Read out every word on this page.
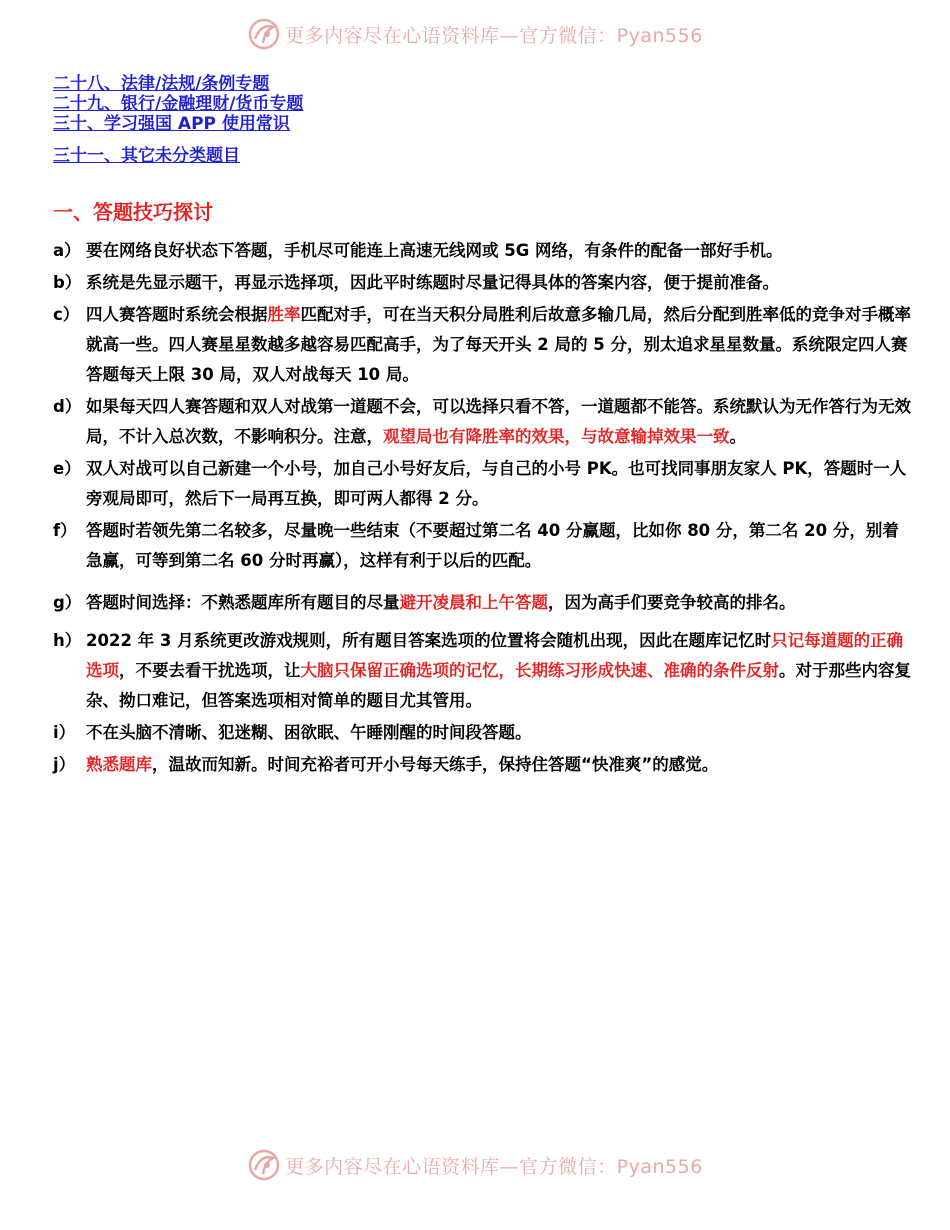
更多内容尽在心语资料库—官方微信：Pyan556
二十八、法律/法规/条例专题
二十九、银行/金融理财/货币专题
三十、学习强国 APP 使用常识
三十一、其它未分类题目
一、答题技巧探讨
a） 要在网络良好状态下答题，手机尽可能连上高速无线网或 5G 网络，有条件的配备一部好手机。
b） 系统是先显示题干，再显示选择项，因此平时练题时尽量记得具体的答案内容，便于提前准备。
c） 四人赛答题时系统会根据胜率匹配对手，可在当天积分局胜利后故意多输几局，然后分配到胜率低的竞争对手概率就高一些。四人赛星星数越多越容易匹配高手，为了每天开头 2 局的 5 分，别太追求星星数量。系统限定四人赛答题每天上限 30 局，双人对战每天 10 局。
d） 如果每天四人赛答题和双人对战第一道题不会，可以选择只看不答，一道题都不能答。系统默认为无作答行为无效局，不计入总次数，不影响积分。注意，观望局也有降胜率的效果，与故意输掉效果一致。
e） 双人对战可以自己新建一个小号，加自己小号好友后，与自己的小号 PK。也可找同事朋友家人 PK，答题时一人旁观局即可，然后下一局再互换，即可两人都得 2 分。
f） 答题时若领先第二名较多，尽量晚一些结束（不要超过第二名 40 分赢题，比如你 80 分，第二名 20 分，别着急赢，可等到第二名 60 分时再赢），这样有利于以后的匹配。
g） 答题时间选择：不熟悉题库所有题目的尽量避开凌晨和上午答题，因为高手们要竞争较高的排名。
h） 2022 年 3 月系统更改游戏规则，所有题目答案选项的位置将会随机出现，因此在题库记忆时只记每道题的正确选项，不要去看干扰选项，让大脑只保留正确选项的记忆，长期练习形成快速、准确的条件反射。对于那些内容复杂、拗口难记，但答案选项相对简单的题目尤其管用。
i） 不在头脑不清晰、犯迷糊、困欲眠、午睡刚醒的时间段答题。
j） 熟悉题库，温故而知新。时间充裕者可开小号每天练手，保持住答题“快准爽”的感觉。
更多内容尽在心语资料库—官方微信：Pyan556
